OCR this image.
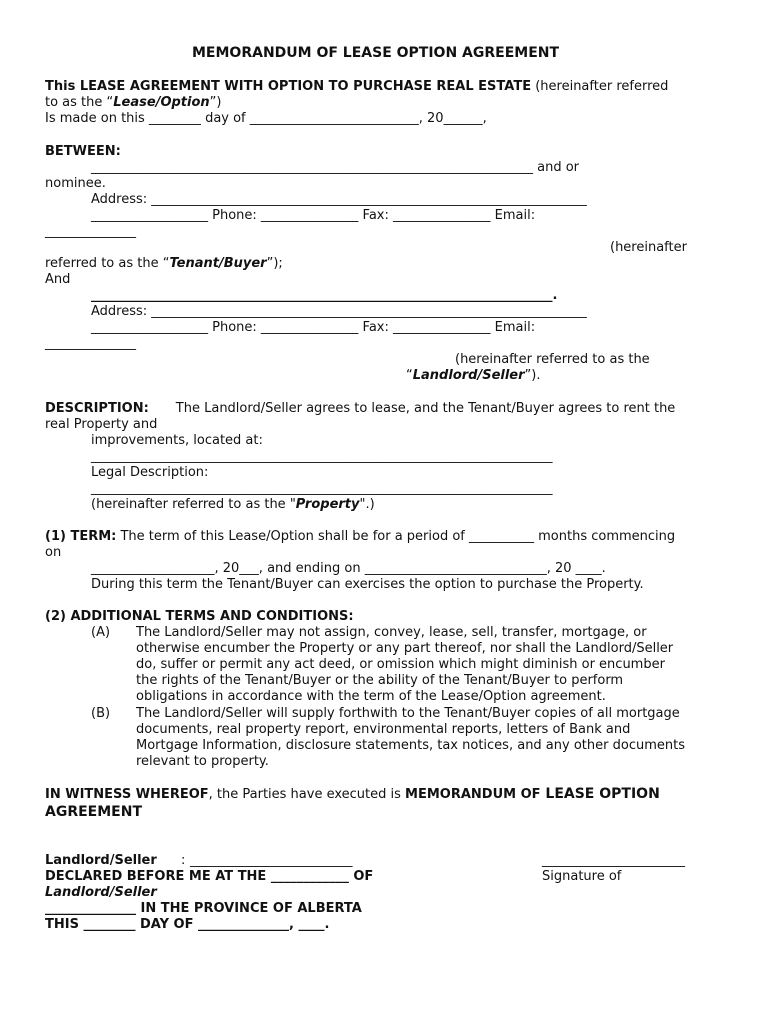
MEMORANDUM OF LEASE OPTION AGREEMENT
This LEASE AGREEMENT WITH OPTION TO PURCHASE REAL ESTATE (hereinafter referred
to as the “Lease/Option”)
Is made on this ________ day of __________________________, 20______,
BETWEEN:
____________________________________________________________________ and or
nominee.
Address: ___________________________________________________________________
__________________ Phone: _______________ Fax: _______________ Email:
______________
(hereinafter
referred to as the “Tenant/Buyer”);
And
_______________________________________________________________________.
Address: ___________________________________________________________________
__________________ Phone: _______________ Fax: _______________ Email:
______________
(hereinafter referred to as the
“Landlord/Seller”).
DESCRIPTION: The Landlord/Seller agrees to lease, and the Tenant/Buyer agrees to rent the
real Property and
improvements, located at:
_______________________________________________________________________
Legal Description:
_______________________________________________________________________
(hereinafter referred to as the "Property".)
(1) TERM: The term of this Lease/Option shall be for a period of __________ months commencing
on
___________________, 20___, and ending on ____________________________, 20 ____.
During this term the Tenant/Buyer can exercises the option to purchase the Property.
(2) ADDITIONAL TERMS AND CONDITIONS:
(A) The Landlord/Seller may not assign, convey, lease, sell, transfer, mortgage, or
otherwise encumber the Property or any part thereof, nor shall the Landlord/Seller
do, suffer or permit any act deed, or omission which might diminish or encumber
the rights of the Tenant/Buyer or the ability of the Tenant/Buyer to perform
obligations in accordance with the term of the Lease/Option agreement.
(B) The Landlord/Seller will supply forthwith to the Tenant/Buyer copies of all mortgage
documents, real property report, environmental reports, letters of Bank and
Mortgage Information, disclosure statements, tax notices, and any other documents
relevant to property.
IN WITNESS WHEREOF, the Parties have executed is MEMORANDUM OF LEASE OPTION
AGREEMENT
Landlord/Seller : _________________________	______________________
DECLARED BEFORE ME AT THE ____________ OF	Signature of
Landlord/Seller
______________ IN THE PROVINCE OF ALBERTA
THIS ________ DAY OF ______________, ____.
